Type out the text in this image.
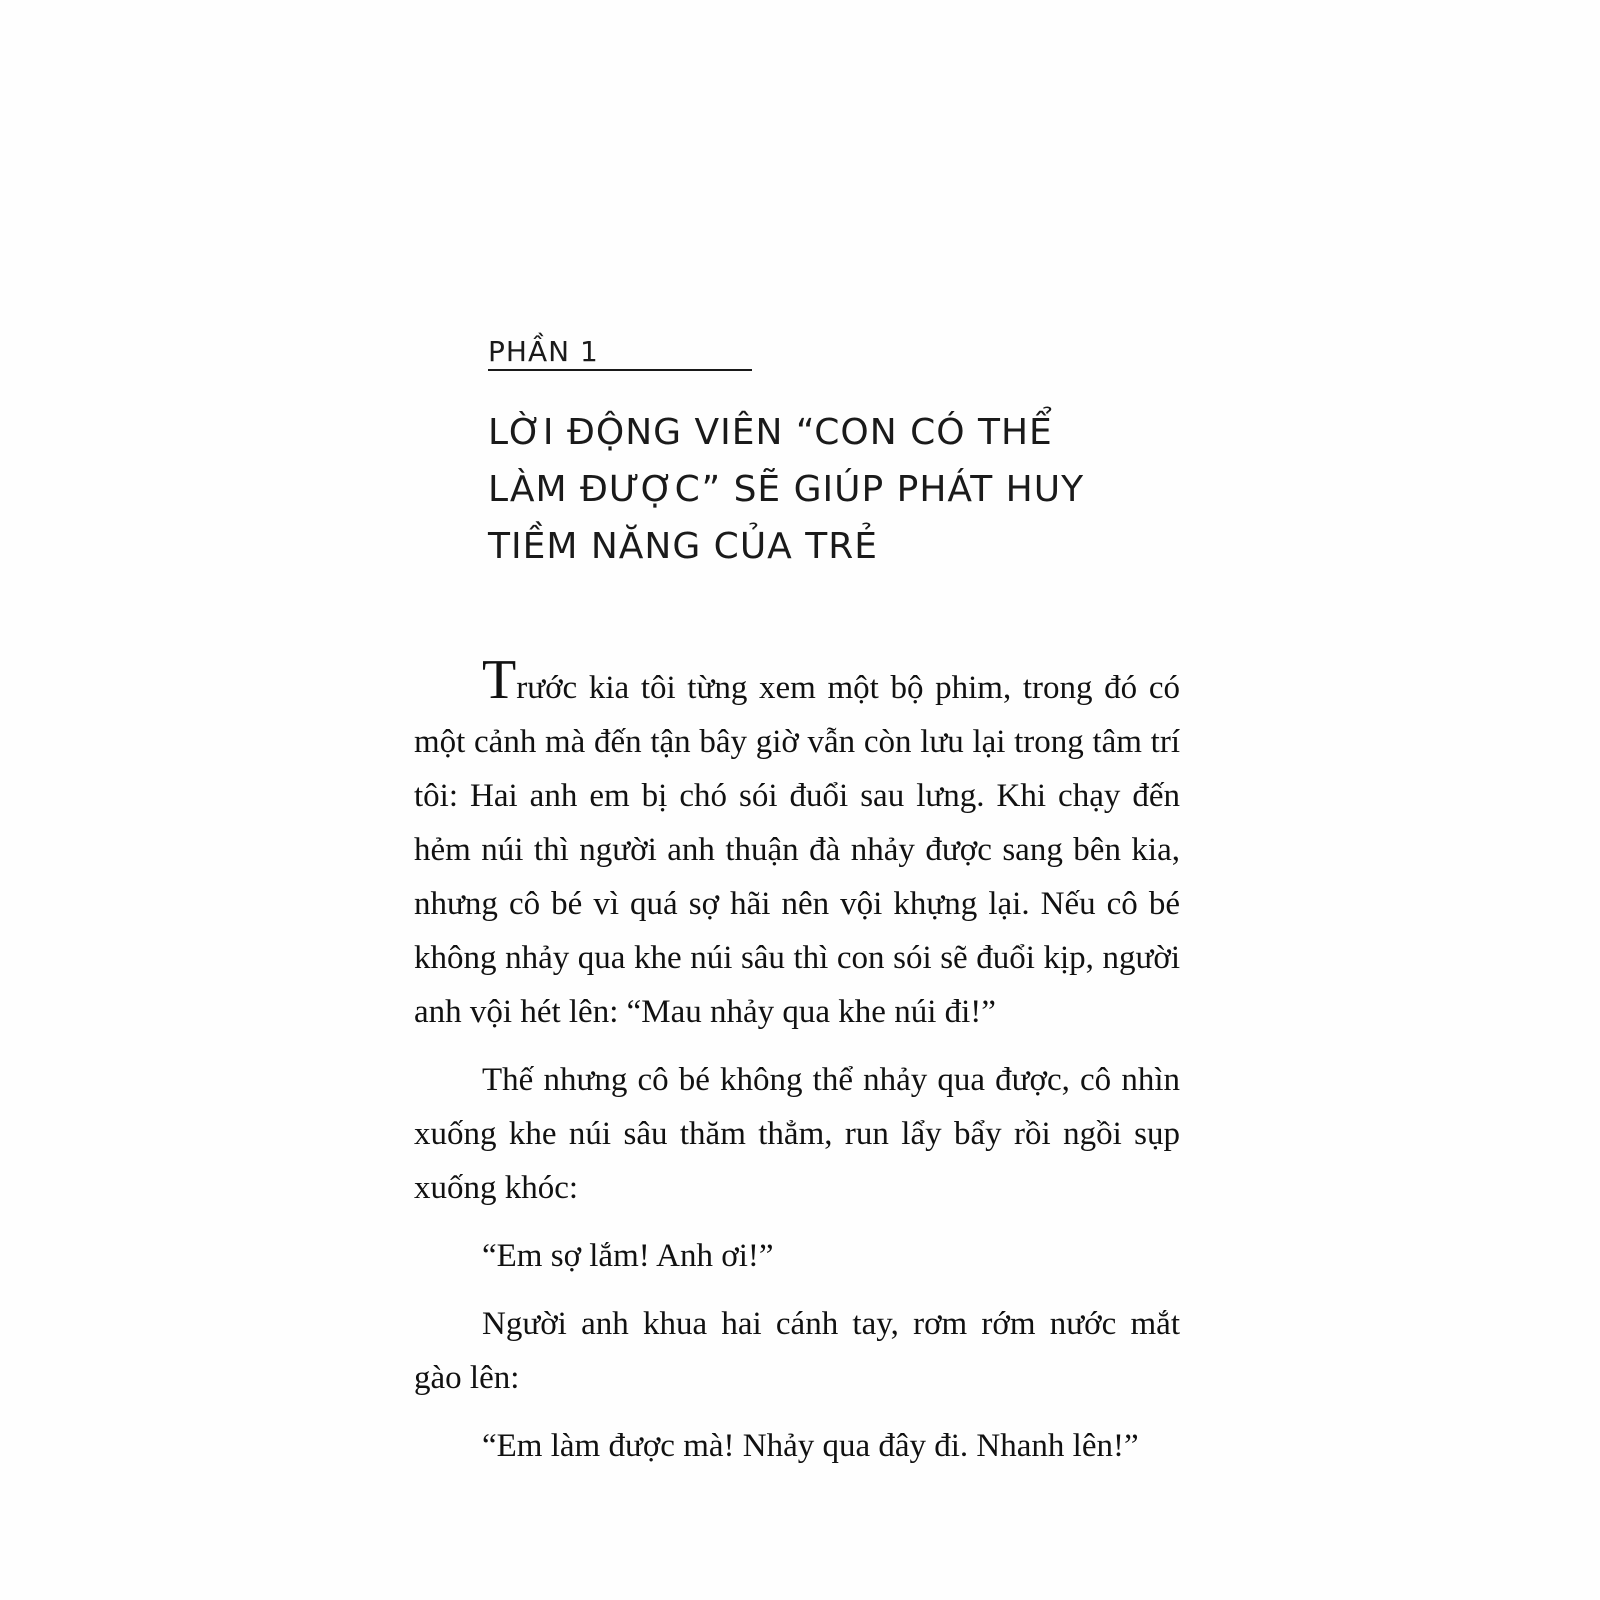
PHẦN 1
LỜI ĐỘNG VIÊN “CON CÓ THỂ
LÀM ĐƯỢC” SẼ GIÚP PHÁT HUY
TIỀM NĂNG CỦA TRẺ

Trước kia tôi từng xem một bộ phim, trong đó có một cảnh mà đến tận bây giờ vẫn còn lưu lại trong tâm trí tôi: Hai anh em bị chó sói đuổi sau lưng. Khi chạy đến hẻm núi thì người anh thuận đà nhảy được sang bên kia, nhưng cô bé vì quá sợ hãi nên vội khựng lại. Nếu cô bé không nhảy qua khe núi sâu thì con sói sẽ đuổi kịp, người anh vội hét lên: “Mau nhảy qua khe núi đi!”

Thế nhưng cô bé không thể nhảy qua được, cô nhìn xuống khe núi sâu thăm thẳm, run lẩy bẩy rồi ngồi sụp xuống khóc:

“Em sợ lắm! Anh ơi!”

Người anh khua hai cánh tay, rơm rớm nước mắt gào lên:

“Em làm được mà! Nhảy qua đây đi. Nhanh lên!”
